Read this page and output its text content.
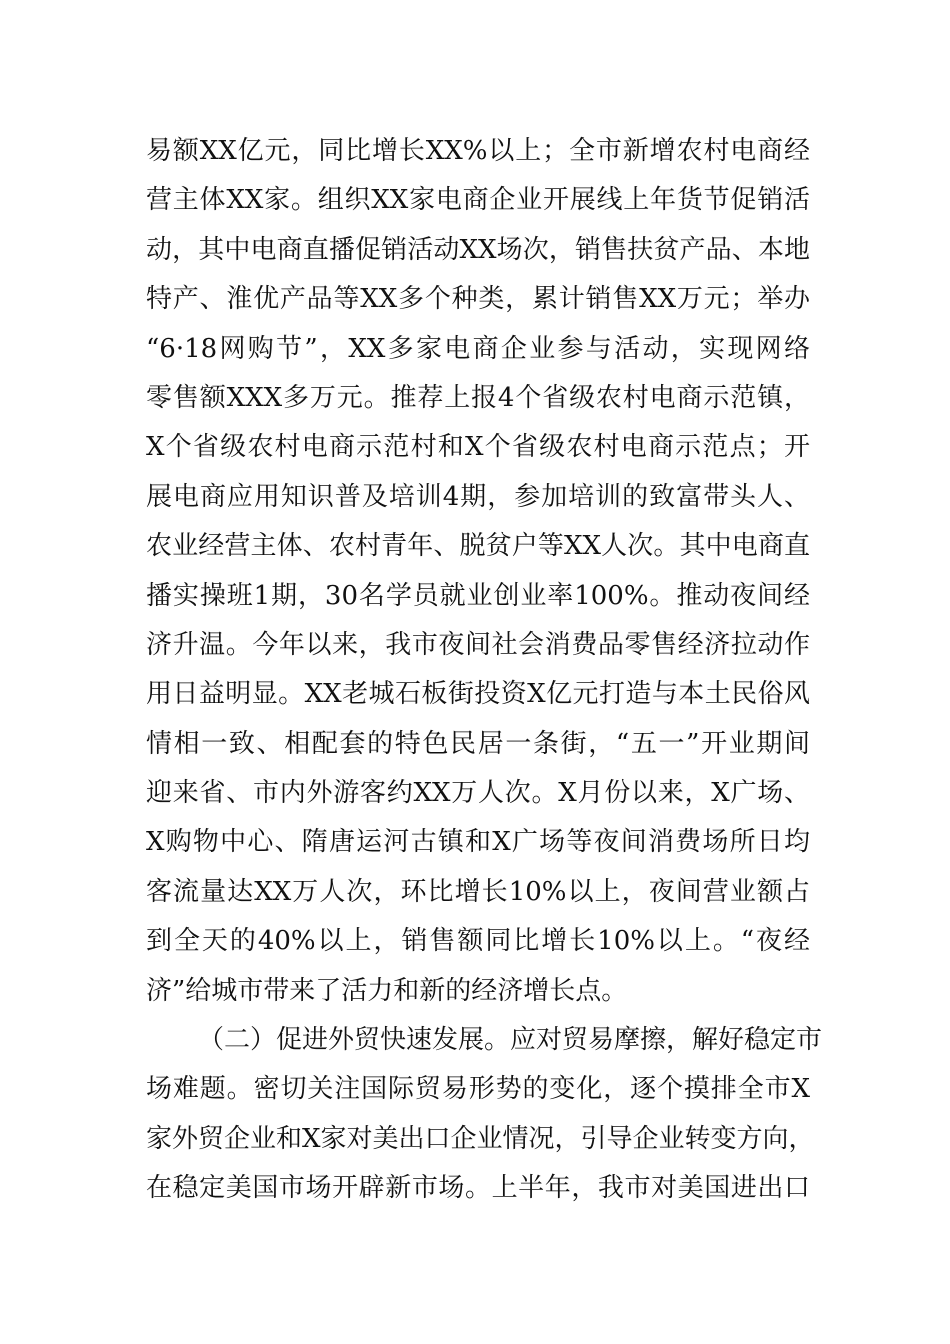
易额XX亿元，同比增长XX%以上；全市新增农村电商经
营主体XX家。组织XX家电商企业开展线上年货节促销活
动，其中电商直播促销活动XX场次，销售扶贫产品、本地
特产、淮优产品等XX多个种类，累计销售XX万元；举办
“6·18网购节”，XX多家电商企业参与活动，实现网络
零售额XXX多万元。推荐上报4个省级农村电商示范镇，
X个省级农村电商示范村和X个省级农村电商示范点；开
展电商应用知识普及培训4期，参加培训的致富带头人、
农业经营主体、农村青年、脱贫户等XX人次。其中电商直
播实操班1期，30名学员就业创业率100%。推动夜间经
济升温。今年以来，我市夜间社会消费品零售经济拉动作
用日益明显。XX老城石板街投资X亿元打造与本土民俗风
情相一致、相配套的特色民居一条街，“五一”开业期间
迎来省、市内外游客约XX万人次。X月份以来，X广场、
X购物中心、隋唐运河古镇和X广场等夜间消费场所日均
客流量达XX万人次，环比增长10%以上，夜间营业额占
到全天的40%以上，销售额同比增长10%以上。“夜经
济”给城市带来了活力和新的经济增长点。
（二）促进外贸快速发展。应对贸易摩擦，解好稳定市
场难题。密切关注国际贸易形势的变化，逐个摸排全市X
家外贸企业和X家对美出口企业情况，引导企业转变方向，
在稳定美国市场开辟新市场。上半年，我市对美国进出口
